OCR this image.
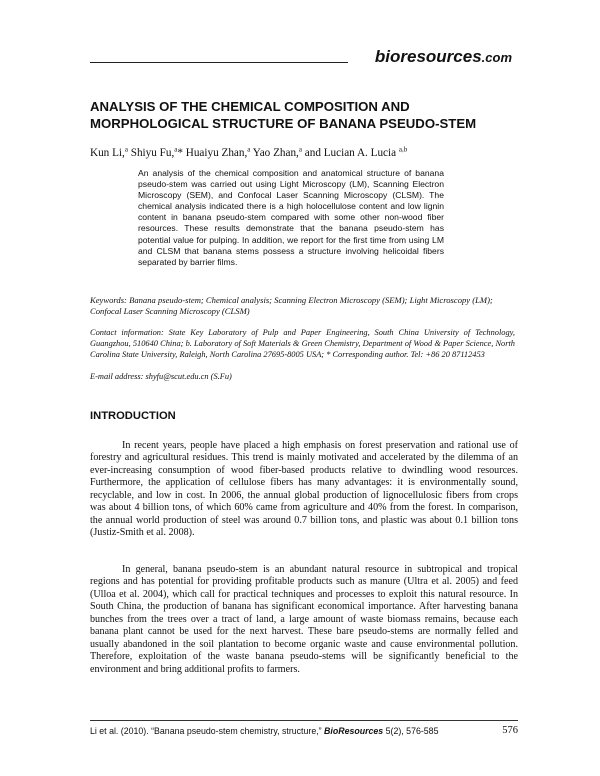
bioresources.com
ANALYSIS OF THE CHEMICAL COMPOSITION AND
MORPHOLOGICAL STRUCTURE OF BANANA PSEUDO-STEM
Kun Li,$^a$ Shiyu Fu,$^a$* Huaiyu Zhan,$^a$ Yao Zhan,$^a$ and Lucian A. Lucia $^{a,b}$
An analysis of the chemical composition and anatomical structure of banana pseudo-stem was carried out using Light Microscopy (LM), Scanning Electron Microscopy (SEM), and Confocal Laser Scanning Microscopy (CLSM). The chemical analysis indicated there is a high holocellulose content and low lignin content in banana pseudo-stem compared with some other non-wood fiber resources. These results demonstrate that the banana pseudo-stem has potential value for pulping. In addition, we report for the first time from using LM and CLSM that banana stems possess a structure involving helicoidal fibers separated by barrier films.
Keywords: Banana pseudo-stem; Chemical analysis; Scanning Electron Microscopy (SEM); Light Microscopy (LM); Confocal Laser Scanning Microscopy (CLSM)
Contact information: State Key Laboratory of Pulp and Paper Engineering, South China University of Technology, Guangzhou, 510640 China; b. Laboratory of Soft Materials & Green Chemistry, Department of Wood & Paper Science, North Carolina State University, Raleigh, North Carolina 27695-8005 USA; * Corresponding author. Tel: +86 20 87112453
E-mail address: shyfu@scut.edu.cn (S.Fu)
INTRODUCTION

In recent years, people have placed a high emphasis on forest preservation and rational use of forestry and agricultural residues. This trend is mainly motivated and accelerated by the dilemma of an ever-increasing consumption of wood fiber-based products relative to dwindling wood resources. Furthermore, the application of cellulose fibers has many advantages: it is environmentally sound, recyclable, and low in cost. In 2006, the annual global production of lignocellulosic fibers from crops was about 4 billion tons, of which 60% came from agriculture and 40% from the forest. In comparison, the annual world production of steel was around 0.7 billion tons, and plastic was about 0.1 billion tons (Justiz-Smith et al. 2008).

In general, banana pseudo-stem is an abundant natural resource in subtropical and tropical regions and has potential for providing profitable products such as manure (Ultra et al. 2005) and feed (Ulloa et al. 2004), which call for practical techniques and processes to exploit this natural resource. In South China, the production of banana has significant economical importance. After harvesting banana bunches from the trees over a tract of land, a large amount of waste biomass remains, because each banana plant cannot be used for the next harvest. These bare pseudo-stems are normally felled and usually abandoned in the soil plantation to become organic waste and cause environmental pollution. Therefore, exploitation of the waste banana pseudo-stems will be significantly beneficial to the environment and bring additional profits to farmers.

Li et al. (2010). “Banana pseudo-stem chemistry, structure,” BioResources 5(2), 576-585	576
